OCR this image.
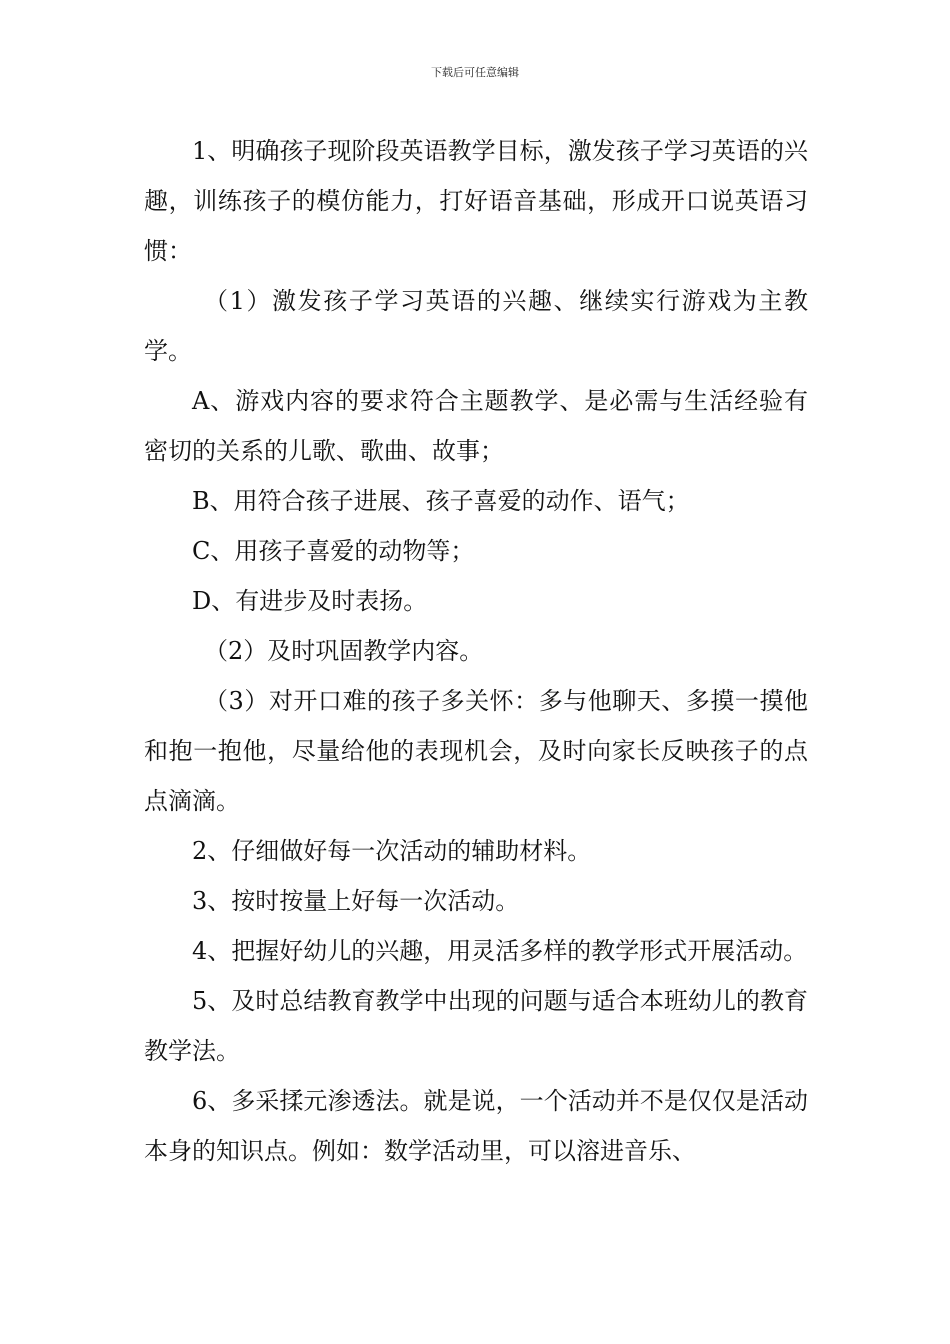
下载后可任意编辑

1、明确孩子现阶段英语教学目标，激发孩子学习英语的兴趣，训练孩子的模仿能力，打好语音基础，形成开口说英语习惯：

（1）激发孩子学习英语的兴趣、继续实行游戏为主教学。

A、游戏内容的要求符合主题教学、是必需与生活经验有密切的关系的儿歌、歌曲、故事；

B、用符合孩子进展、孩子喜爱的动作、语气；

C、用孩子喜爱的动物等；

D、有进步及时表扬。

（2）及时巩固教学内容。

（3）对开口难的孩子多关怀：多与他聊天、多摸一摸他和抱一抱他，尽量给他的表现机会，及时向家长反映孩子的点点滴滴。

2、仔细做好每一次活动的辅助材料。

3、按时按量上好每一次活动。

4、把握好幼儿的兴趣，用灵活多样的教学形式开展活动。

5、及时总结教育教学中出现的问题与适合本班幼儿的教育教学法。

6、多采揉元渗透法。就是说，一个活动并不是仅仅是活动本身的知识点。例如：数学活动里，可以溶进音乐、
